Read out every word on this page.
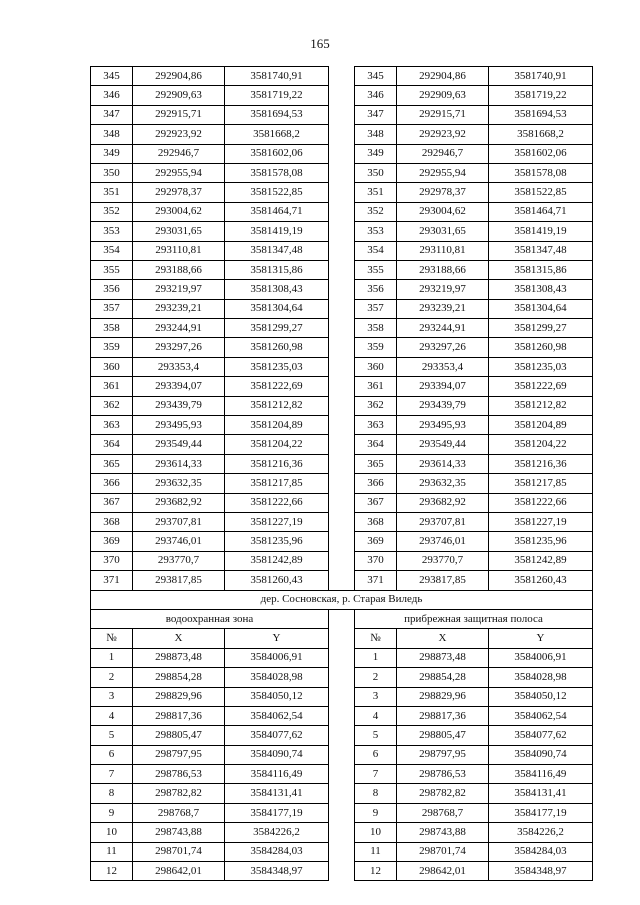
165
345	292904,86	3581740,91		345	292904,86	3581740,91
346	292909,63	3581719,22		346	292909,63	3581719,22
347	292915,71	3581694,53		347	292915,71	3581694,53
348	292923,92	3581668,2		348	292923,92	3581668,2
349	292946,7	3581602,06		349	292946,7	3581602,06
350	292955,94	3581578,08		350	292955,94	3581578,08
351	292978,37	3581522,85		351	292978,37	3581522,85
352	293004,62	3581464,71		352	293004,62	3581464,71
353	293031,65	3581419,19		353	293031,65	3581419,19
354	293110,81	3581347,48		354	293110,81	3581347,48
355	293188,66	3581315,86		355	293188,66	3581315,86
356	293219,97	3581308,43		356	293219,97	3581308,43
357	293239,21	3581304,64		357	293239,21	3581304,64
358	293244,91	3581299,27		358	293244,91	3581299,27
359	293297,26	3581260,98		359	293297,26	3581260,98
360	293353,4	3581235,03		360	293353,4	3581235,03
361	293394,07	3581222,69		361	293394,07	3581222,69
362	293439,79	3581212,82		362	293439,79	3581212,82
363	293495,93	3581204,89		363	293495,93	3581204,89
364	293549,44	3581204,22		364	293549,44	3581204,22
365	293614,33	3581216,36		365	293614,33	3581216,36
366	293632,35	3581217,85		366	293632,35	3581217,85
367	293682,92	3581222,66		367	293682,92	3581222,66
368	293707,81	3581227,19		368	293707,81	3581227,19
369	293746,01	3581235,96		369	293746,01	3581235,96
370	293770,7	3581242,89		370	293770,7	3581242,89
371	293817,85	3581260,43		371	293817,85	3581260,43
дер. Сосновская, р. Старая Виледь						
водоохранная зона				прибрежная защитная полоса		
№	X	Y		№	X	Y
1	298873,48	3584006,91		1	298873,48	3584006,91
2	298854,28	3584028,98		2	298854,28	3584028,98
3	298829,96	3584050,12		3	298829,96	3584050,12
4	298817,36	3584062,54		4	298817,36	3584062,54
5	298805,47	3584077,62		5	298805,47	3584077,62
6	298797,95	3584090,74		6	298797,95	3584090,74
7	298786,53	3584116,49		7	298786,53	3584116,49
8	298782,82	3584131,41		8	298782,82	3584131,41
9	298768,7	3584177,19		9	298768,7	3584177,19
10	298743,88	3584226,2		10	298743,88	3584226,2
11	298701,74	3584284,03		11	298701,74	3584284,03
12	298642,01	3584348,97		12	298642,01	3584348,97
